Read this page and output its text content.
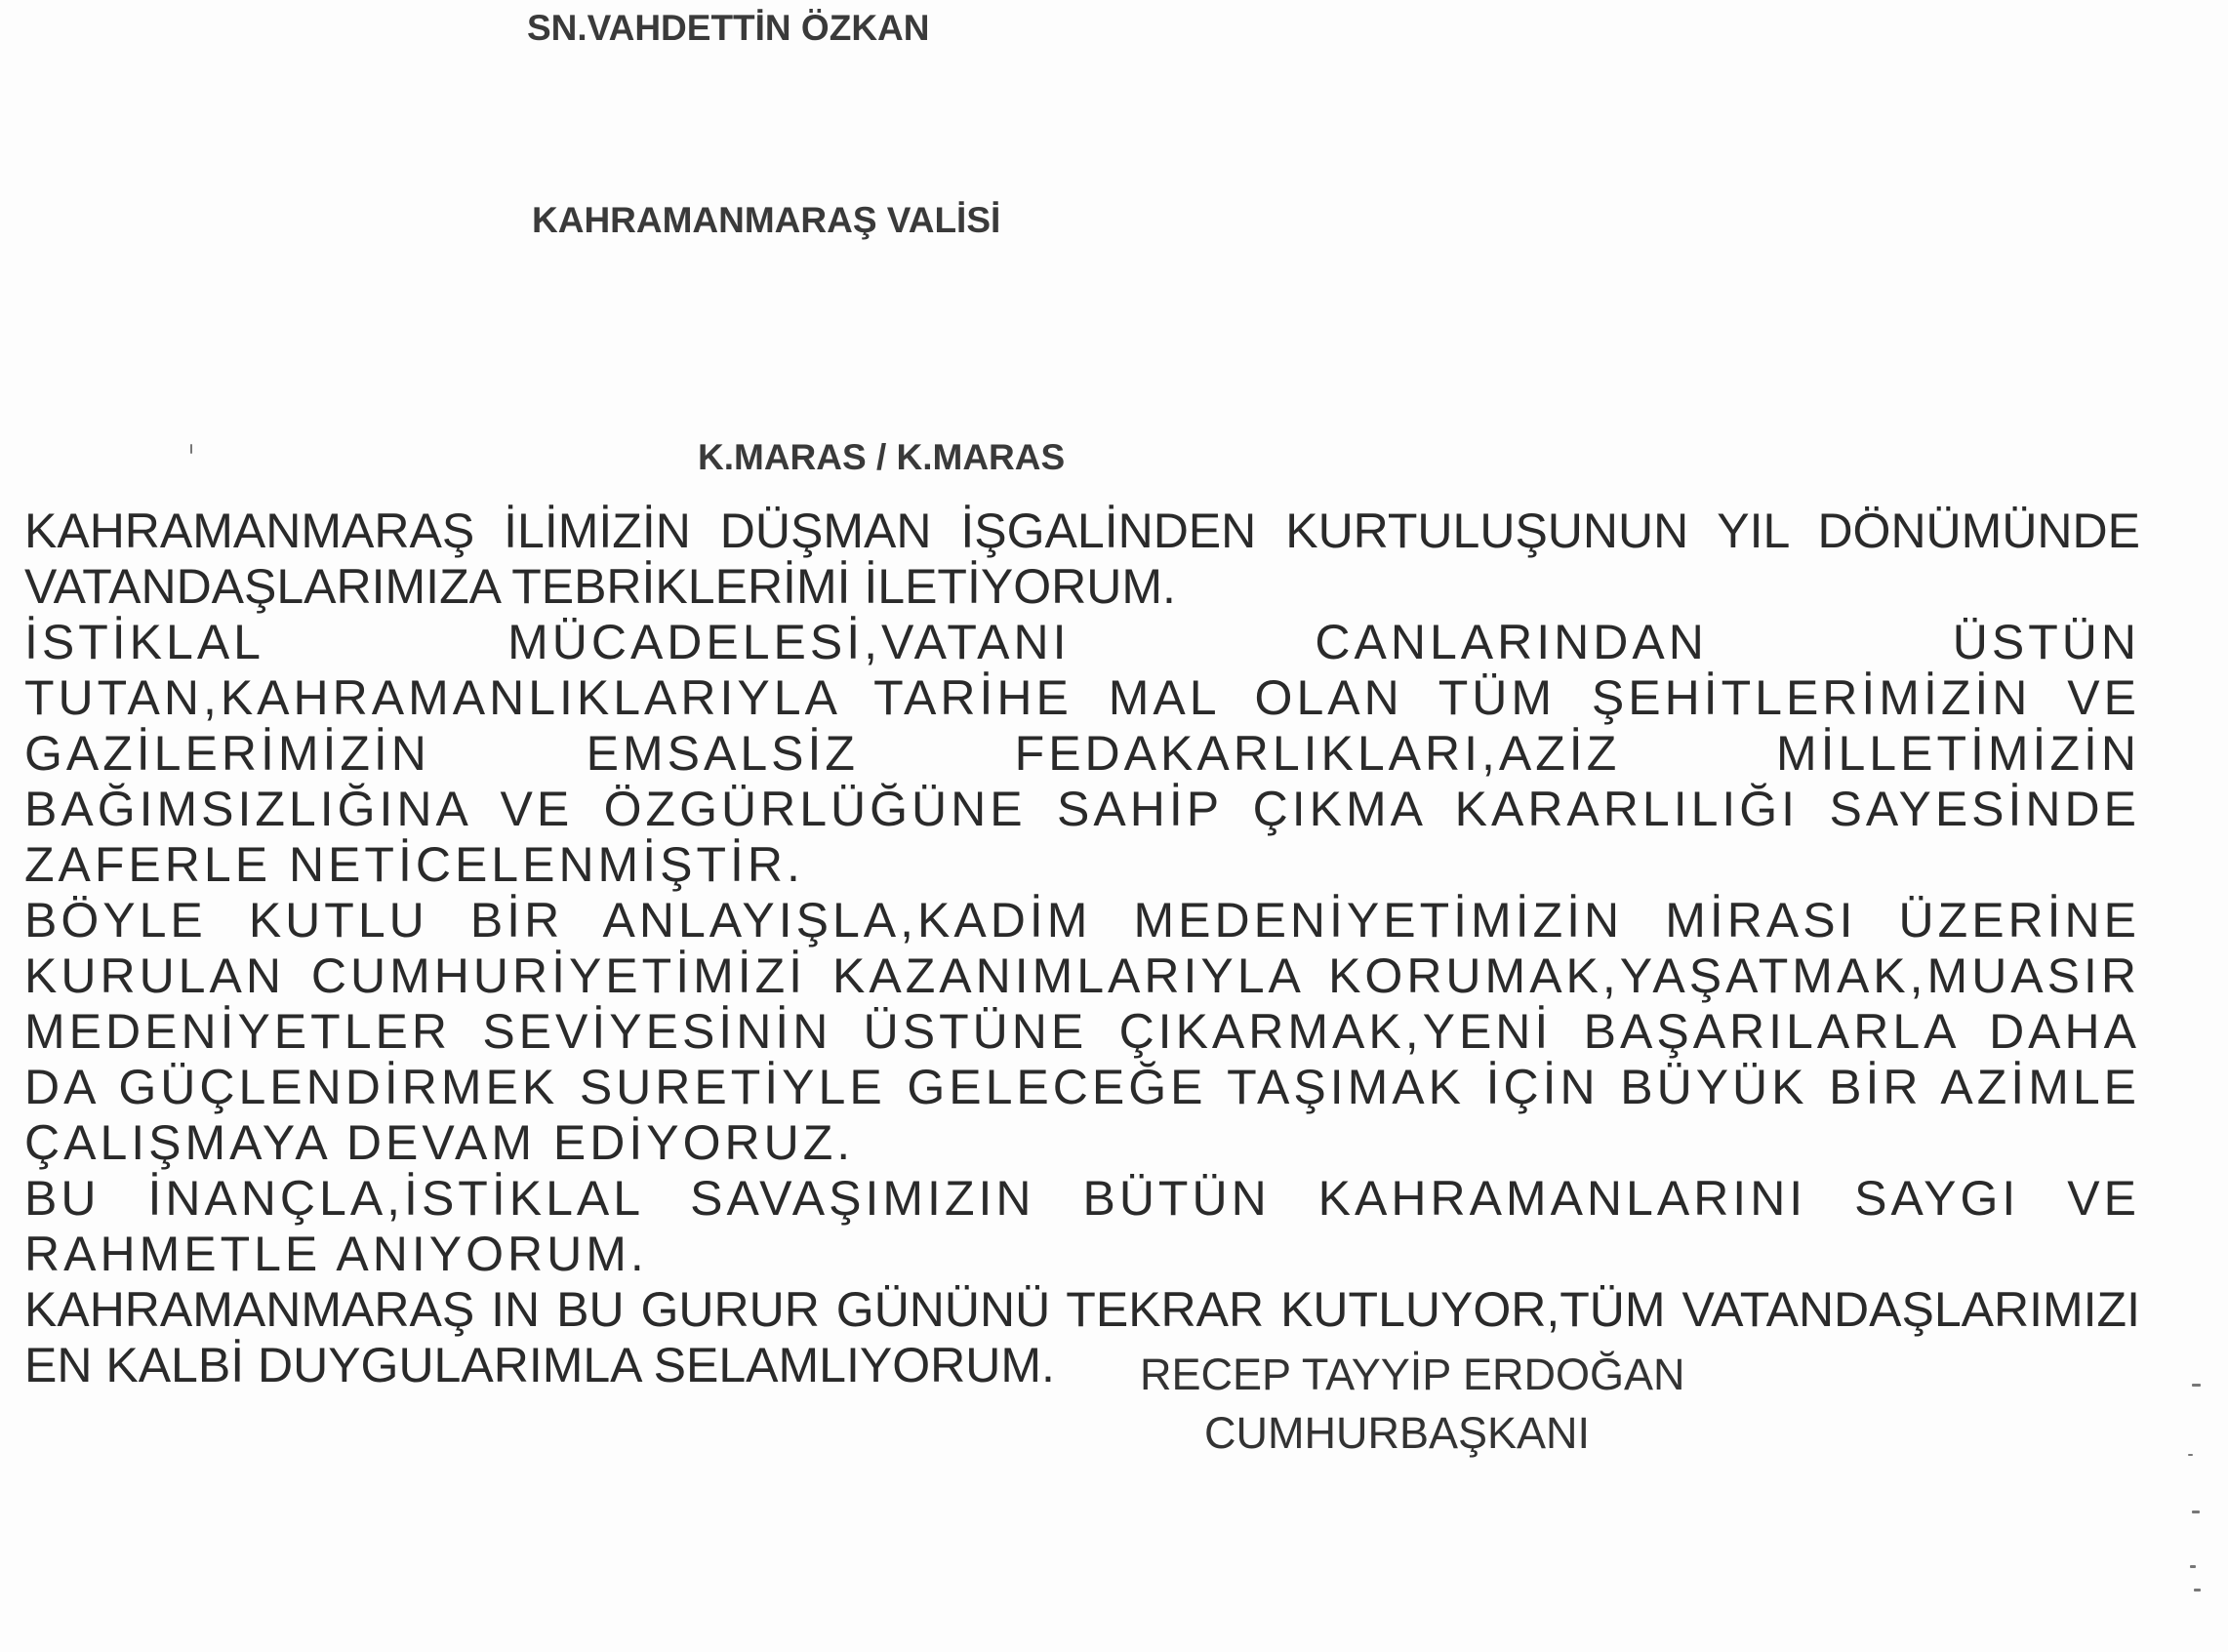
SN.VAHDETTİN ÖZKAN
KAHRAMANMARAŞ VALİSİ
K.MARAS / K.MARAS

KAHRAMANMARAŞ İLİMİZİN DÜŞMAN İŞGALİNDEN KURTULUŞUNUN YIL DÖNÜMÜNDE VATANDAŞLARIMIZA TEBRİKLERİMİ İLETİYORUM.

İSTİKLAL MÜCADELESİ,VATANI CANLARINDAN ÜSTÜN TUTAN,KAHRAMANLIKLARIYLA TARİHE MAL OLAN TÜM ŞEHİTLERİMİZİN VE GAZİLERİMİZİN EMSALSİZ FEDAKARLIKLARI,AZİZ MİLLETİMİZİN BAĞIMSIZLIĞINA VE ÖZGÜRLÜĞÜNE SAHİP ÇIKMA KARARLILIĞI SAYESİNDE ZAFERLE NETİCELENMİŞTİR.

BÖYLE KUTLU BİR ANLAYIŞLA,KADİM MEDENİYETİMİZİN MİRASI ÜZERİNE KURULAN CUMHURİYETİMİZİ KAZANIMLARIYLA KORUMAK,YAŞATMAK,MUASIR MEDENİYETLER SEVİYESİNİN ÜSTÜNE ÇIKARMAK,YENİ BAŞARILARLA DAHA DA GÜÇLENDİRMEK SURETİYLE GELECEĞE TAŞIMAK İÇİN BÜYÜK BİR AZİMLE ÇALIŞMAYA DEVAM EDİYORUZ.

BU İNANÇLA,İSTİKLAL SAVAŞIMIZIN BÜTÜN KAHRAMANLARINI SAYGI VE RAHMETLE ANIYORUM.

KAHRAMANMARAŞ IN BU GURUR GÜNÜNÜ TEKRAR KUTLUYOR,TÜM VATANDAŞLARIMIZI EN KALBİ DUYGULARIMLA SELAMLIYORUM.	RECEP TAYYİP ERDOĞAN
CUMHURBAŞKANI
